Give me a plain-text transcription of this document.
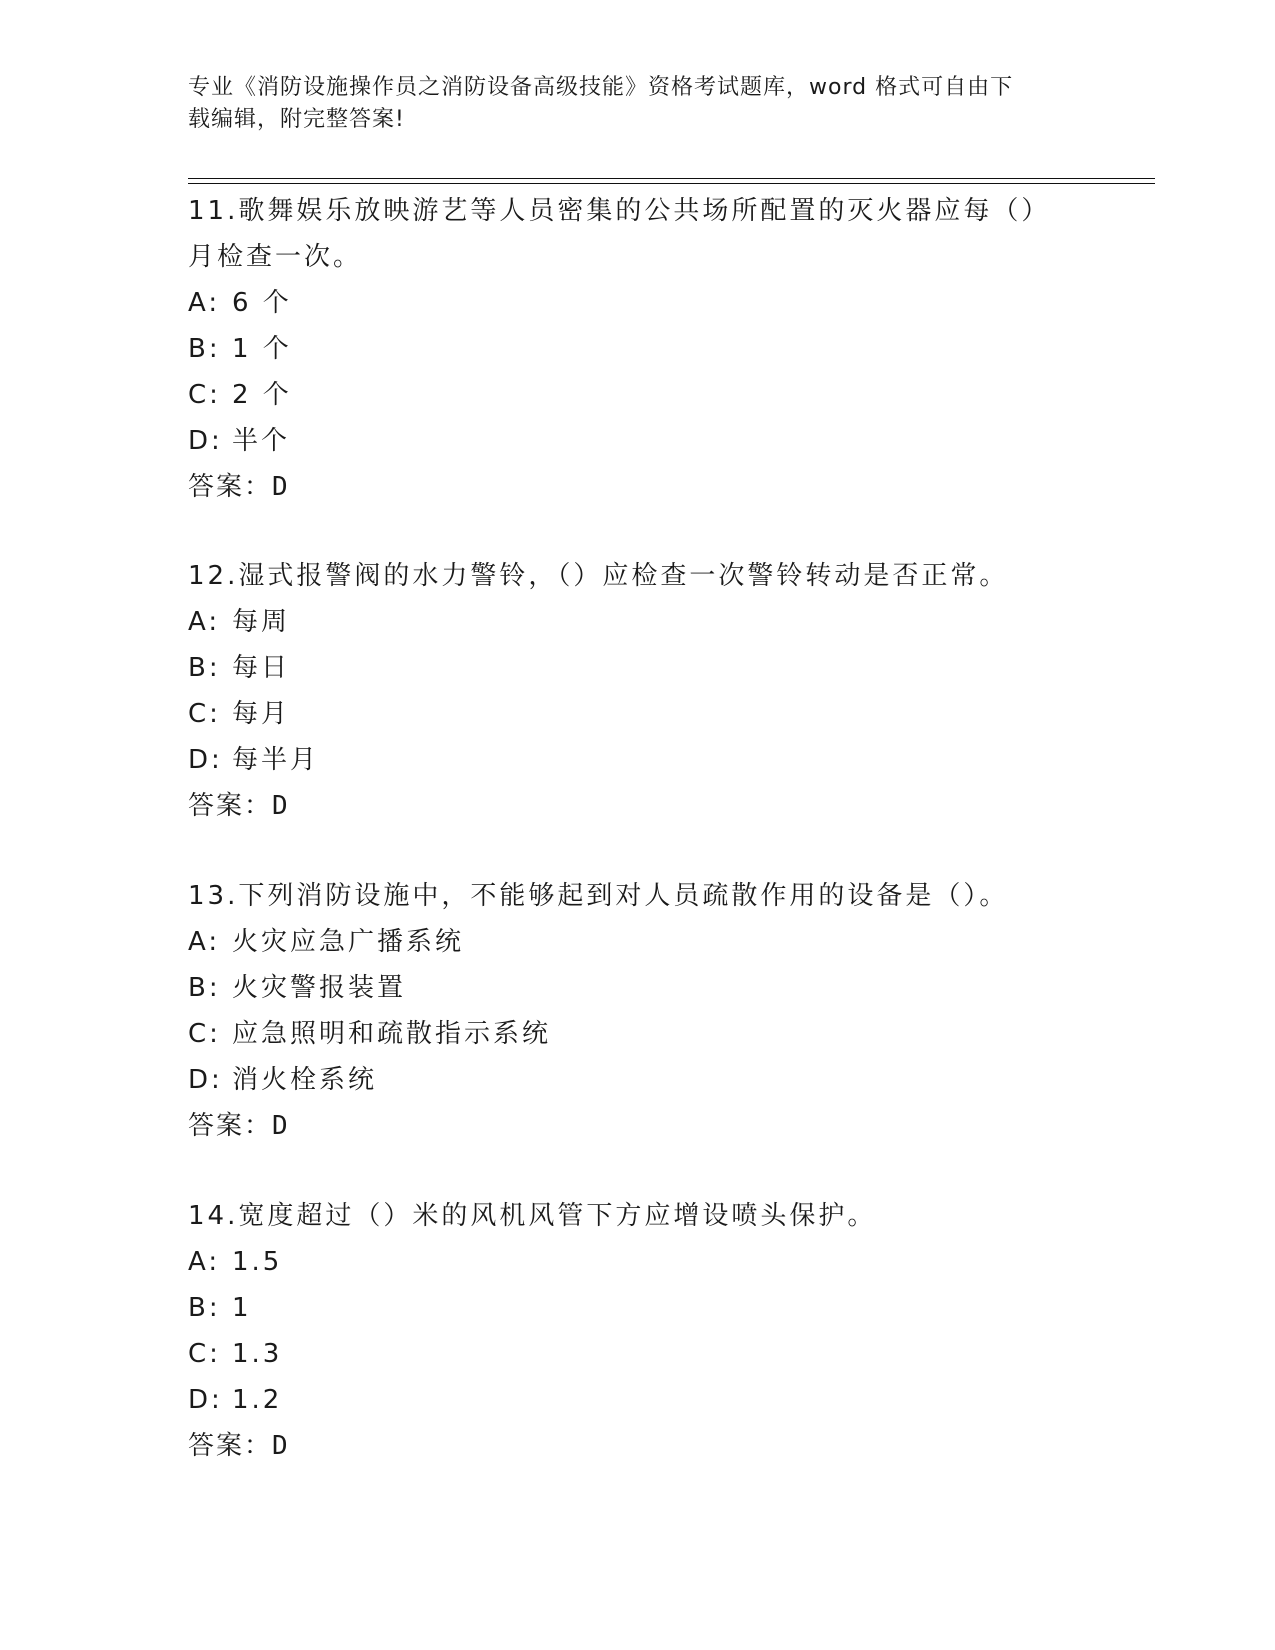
专业《消防设施操作员之消防设备高级技能》资格考试题库，word 格式可自由下

载编辑，附完整答案!

11.歌舞娱乐放映游艺等人员密集的公共场所配置的灭火器应每（）月检查一次。

A: 6 个

B: 1 个

C: 2 个

D: 半个

答案：D

12.湿式报警阀的水力警铃，（）应检查一次警铃转动是否正常。

A: 每周

B: 每日

C: 每月

D: 每半月

答案：D

13.下列消防设施中，不能够起到对人员疏散作用的设备是（）。

A: 火灾应急广播系统

B: 火灾警报装置

C: 应急照明和疏散指示系统

D: 消火栓系统

答案：D

14.宽度超过（）米的风机风管下方应增设喷头保护。

A: 1.5

B: 1

C: 1.3

D: 1.2

答案：D
